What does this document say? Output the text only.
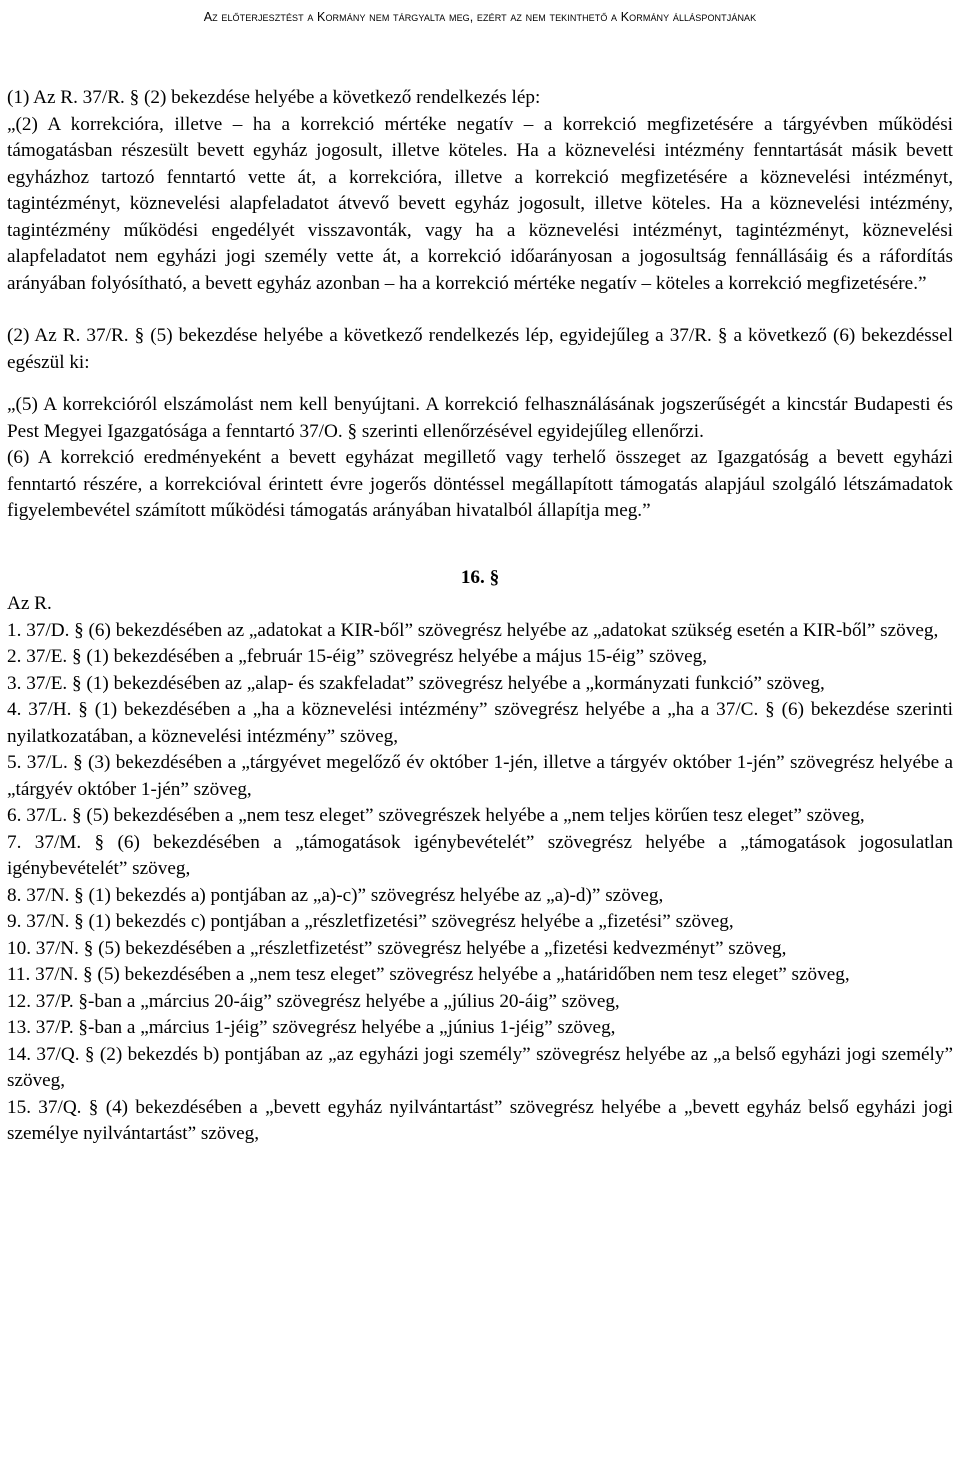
Az előterjesztést a Kormány nem tárgyalta meg, ezért az nem tekinthető a Kormány álláspontjának

(1) Az R. 37/R. § (2) bekezdése helyébe a következő rendelkezés lép:

„(2) A korrekcióra, illetve – ha a korrekció mértéke negatív – a korrekció megfizetésére a tárgyévben működési támogatásban részesült bevett egyház jogosult, illetve köteles. Ha a köznevelési intézmény fenntartását másik bevett egyházhoz tartozó fenntartó vette át, a korrekcióra, illetve a korrekció megfizetésére a köznevelési intézményt, tagintézményt, köznevelési alapfeladatot átvevő bevett egyház jogosult, illetve köteles. Ha a köznevelési intézmény, tagintézmény működési engedélyét visszavonták, vagy ha a köznevelési intézményt, tagintézményt, köznevelési alapfeladatot nem egyházi jogi személy vette át, a korrekció időarányosan a jogosultság fennállásáig és a ráfordítás arányában folyósítható, a bevett egyház azonban – ha a korrekció mértéke negatív – köteles a korrekció megfizetésére.”

(2) Az R. 37/R. § (5) bekezdése helyébe a következő rendelkezés lép, egyidejűleg a 37/R. § a következő (6) bekezdéssel egészül ki:

„(5) A korrekcióról elszámolást nem kell benyújtani. A korrekció felhasználásának jogszerűségét a kincstár Budapesti és Pest Megyei Igazgatósága a fenntartó 37/O. § szerinti ellenőrzésével egyidejűleg ellenőrzi.

(6) A korrekció eredményeként a bevett egyházat megillető vagy terhelő összeget az Igazgatóság a bevett egyházi fenntartó részére, a korrekcióval érintett évre jogerős döntéssel megállapított támogatás alapjául szolgáló létszámadatok figyelembevétel számított működési támogatás arányában hivatalból állapítja meg.”

16. §

Az R.

1. 37/D. § (6) bekezdésében az „adatokat a KIR-ből” szövegrész helyébe az „adatokat szükség esetén a KIR-ből” szöveg,

2. 37/E. § (1) bekezdésében a „február 15-éig” szövegrész helyébe a május 15-éig” szöveg,

3. 37/E. § (1) bekezdésében az „alap- és szakfeladat” szövegrész helyébe a „kormányzati funkció” szöveg,

4. 37/H. § (1) bekezdésében a „ha a köznevelési intézmény” szövegrész helyébe a „ha a 37/C. § (6) bekezdése szerinti nyilatkozatában, a köznevelési intézmény” szöveg,

5. 37/L. § (3) bekezdésében a „tárgyévet megelőző év október 1-jén, illetve a tárgyév október 1-jén” szövegrész helyébe a „tárgyév október 1-jén” szöveg,

6. 37/L. § (5) bekezdésében a „nem tesz eleget” szövegrészek helyébe a „nem teljes körűen tesz eleget” szöveg,

7. 37/M. § (6) bekezdésében a „támogatások igénybevételét” szövegrész helyébe a „támogatások jogosulatlan igénybevételét” szöveg,

8. 37/N. § (1) bekezdés a) pontjában az „a)-c)” szövegrész helyébe az „a)-d)” szöveg,

9. 37/N. § (1) bekezdés c) pontjában a „részletfizetési” szövegrész helyébe a „fizetési” szöveg,

10. 37/N. § (5) bekezdésében a „részletfizetést” szövegrész helyébe a „fizetési kedvezményt” szöveg,

11. 37/N. § (5) bekezdésében a „nem tesz eleget” szövegrész helyébe a „határidőben nem tesz eleget” szöveg,

12. 37/P. §-ban a „március 20-áig” szövegrész helyébe a „július 20-áig” szöveg,

13. 37/P. §-ban a „március 1-jéig” szövegrész helyébe a „június 1-jéig” szöveg,

14. 37/Q. § (2) bekezdés b) pontjában az „az egyházi jogi személy” szövegrész helyébe az „a belső egyházi jogi személy” szöveg,

15. 37/Q. § (4) bekezdésében a „bevett egyház nyilvántartást” szövegrész helyébe a „bevett egyház belső egyházi jogi személye nyilvántartást” szöveg,
